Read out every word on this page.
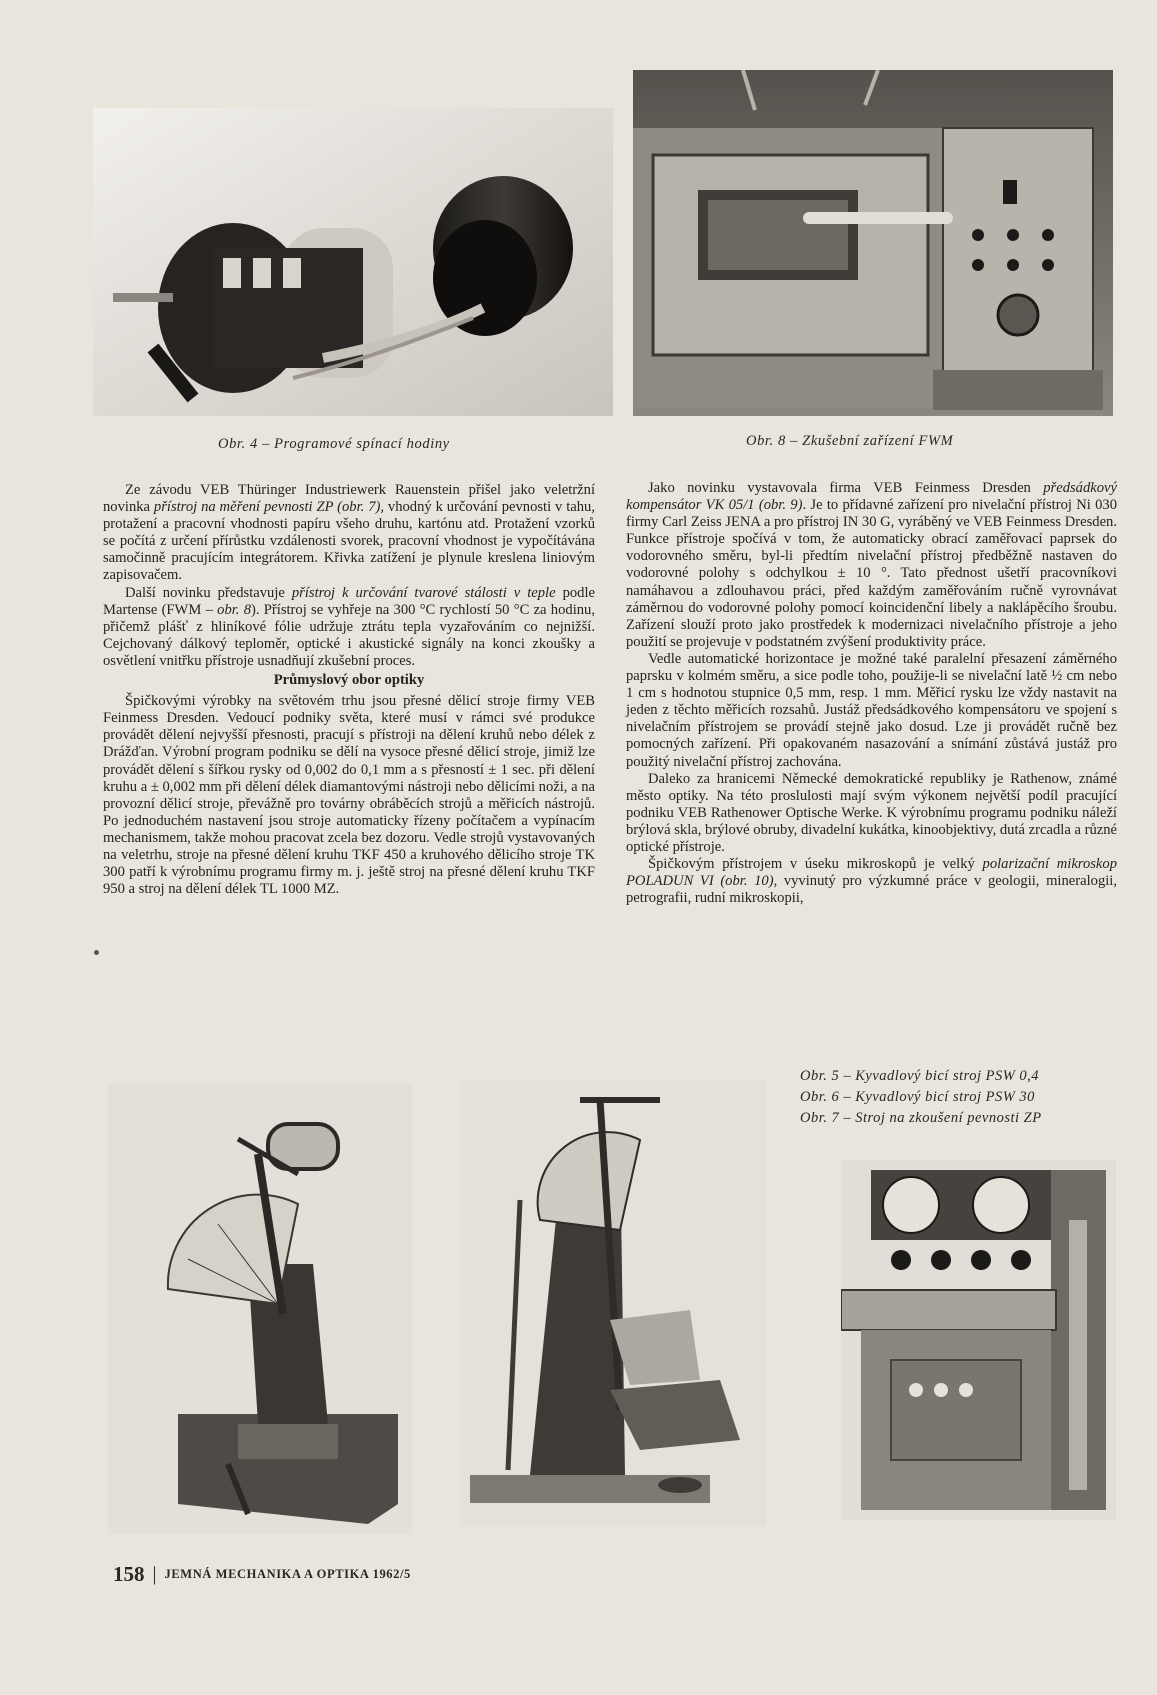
Obr. 4 – Programové spínací hodiny	Obr. 8 – Zkušební zařízení FWM

Ze závodu VEB Thüringer Industriewerk Rauenstein přišel jako veletržní novinka přístroj na měření pevnosti ZP (obr. 7), vhodný k určování pevnosti v tahu, protažení a pracovní vhodnosti papíru všeho druhu, kartónu atd. Protažení vzorků se počítá z určení přírůstku vzdálenosti svorek, pracovní vhodnost je vypočítávána samočinně pracujícím integrátorem. Křivka zatížení je plynule kreslena liniovým zapisovačem.

Další novinku představuje přístroj k určování tvarové stálosti v teple podle Martense (FWM – obr. 8). Přístroj se vyhřeje na 300 °C rychlostí 50 °C za hodinu, přičemž plášť z hliníkové fólie udržuje ztrátu tepla vyzařováním co nejnižší. Cejchovaný dálkový teploměr, optické i akustické signály na konci zkoušky a osvětlení vnitřku přístroje usnadňují zkušební proces.

Průmyslový obor optiky

Špičkovými výrobky na světovém trhu jsou přesné dělicí stroje firmy VEB Feinmess Dresden. Vedoucí podniky světa, které musí v rámci své produkce provádět dělení nejvyšší přesnosti, pracují s přístroji na dělení kruhů nebo délek z Drážďan. Výrobní program podniku se dělí na vysoce přesné dělicí stroje, jimiž lze provádět dělení s šířkou rysky od 0,002 do 0,1 mm a s přesností ± 1 sec. při dělení kruhu a ± 0,002 mm při dělení délek diamantovými nástroji nebo dělicími noži, a na provozní dělicí stroje, převážně pro továrny obráběcích strojů a měřicích nástrojů. Po jednoduchém nastavení jsou stroje automaticky řízeny počítačem a vypínacím mechanismem, takže mohou pracovat zcela bez dozoru. Vedle strojů vystavovaných na veletrhu, stroje na přesné dělení kruhu TKF 450 a kruhového dělicího stroje TK 300 patří k výrobnímu programu firmy m. j. ještě stroj na přesné dělení kruhu TKF 950 a stroj na dělení délek TL 1000 MZ.

Jako novinku vystavovala firma VEB Feinmess Dresden předsádkový kompensátor VK 05/1 (obr. 9). Je to přídavné zařízení pro nivelační přístroj Ni 030 firmy Carl Zeiss JENA a pro přístroj IN 30 G, vyráběný ve VEB Feinmess Dresden. Funkce přístroje spočívá v tom, že automaticky obrací zaměřovací paprsek do vodorovného směru, byl-li předtím nivelační přístroj předběžně nastaven do vodorovné polohy s odchylkou ± 10 °. Tato přednost ušetří pracovníkovi namáhavou a zdlouhavou práci, před každým zaměřováním ručně vyrovnávat záměrnou do vodorovné polohy pomocí koincidenční libely a naklápěcího šroubu. Zařízení slouží proto jako prostředek k modernizaci nivelačního přístroje a jeho použití se projevuje v podstatném zvýšení produktivity práce.

Vedle automatické horizontace je možné také paralelní přesazení záměrného paprsku v kolmém směru, a sice podle toho, použije-li se nivelační latě ½ cm nebo 1 cm s hodnotou stupnice 0,5 mm, resp. 1 mm. Měřicí rysku lze vždy nastavit na jeden z těchto měřicích rozsahů. Justáž předsádkového kompensátoru ve spojení s nivelačním přístrojem se provádí stejně jako dosud. Lze ji provádět ručně bez pomocných zařízení. Při opakovaném nasazování a snímání zůstává justáž pro použitý nivelační přístroj zachována.

Dalekо za hranicemi Německé demokratické republiky je Rathenow, známé město optiky. Na této proslulosti mají svým výkonem největší podíl pracující podniku VEB Rathenower Optische Werke. K výrobnímu programu podniku náleží brýlová skla, brýlové obruby, divadelní kukátka, kinoobjektivy, dutá zrcadla a různé optické přístroje.

Špičkovým přístrojem v úseku mikroskopů je velký polarizační mikroskop POLADUN VI (obr. 10), vyvinutý pro výzkumné práce v geologii, mineralogii, petrografii, rudní mikroskopii,

Obr. 5 – Kyvadlový bicí stroj PSW 0,4
Obr. 6 – Kyvadlový bicí stroj PSW 30
Obr. 7 – Stroj na zkoušení pevnosti ZP
158 | JEMNÁ MECHANIKA A OPTIKA 1962/5
